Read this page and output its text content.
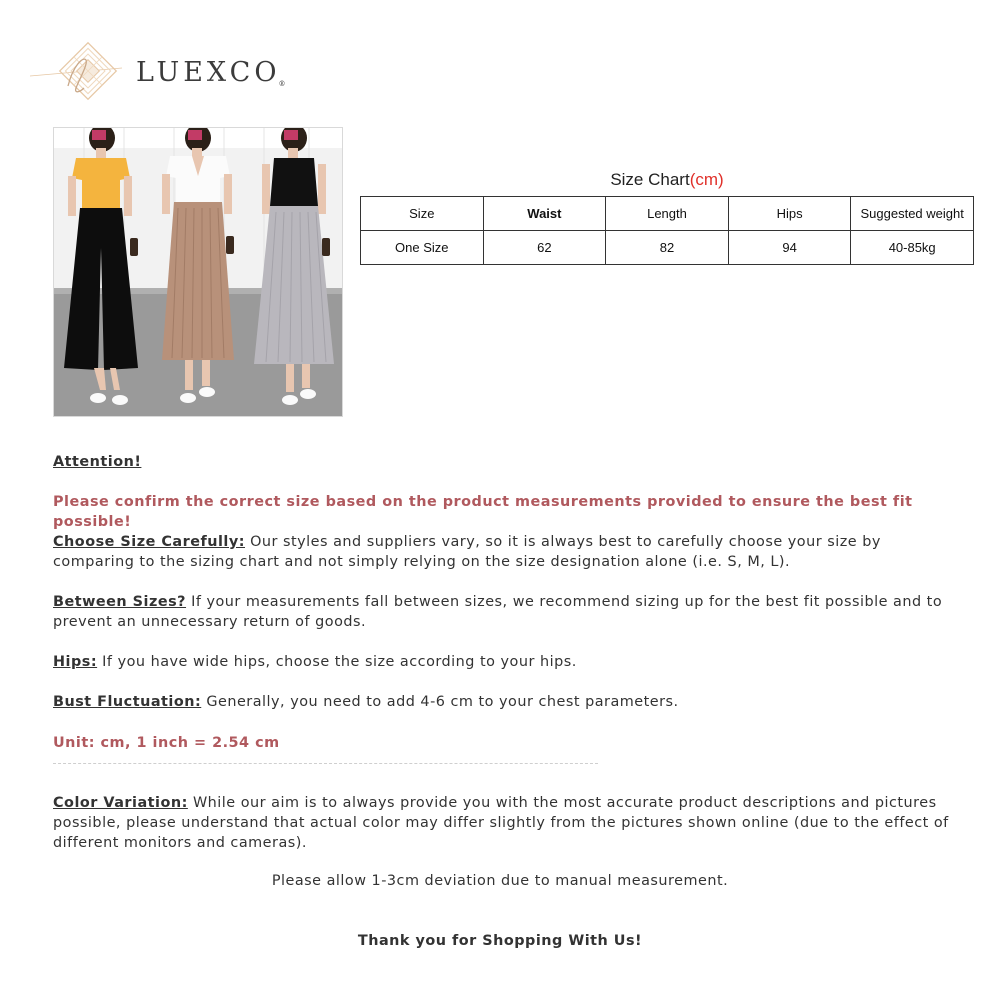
LUEXCO®
Size Chart(cm)
Size	Waist	Length	Hips	Suggested weight
One Size	62	82	94	40-85kg
Attention!
Please confirm the correct size based on the product measurements provided to ensure the best fit possible!
Choose Size Carefully: Our styles and suppliers vary, so it is always best to carefully choose your size by comparing to the sizing chart and not simply relying on the size designation alone (i.e. S, M, L).
Between Sizes? If your measurements fall between sizes, we recommend sizing up for the best fit possible and to prevent an unnecessary return of goods.
Hips: If you have wide hips, choose the size according to your hips.
Bust Fluctuation: Generally, you need to add 4-6 cm to your chest parameters.
Unit: cm, 1 inch = 2.54 cm
Color Variation: While our aim is to always provide you with the most accurate product descriptions and pictures possible, please understand that actual color may differ slightly from the pictures shown online (due to the effect of different monitors and cameras).
Please allow 1-3cm deviation due to manual measurement.
Thank you for Shopping With Us!
